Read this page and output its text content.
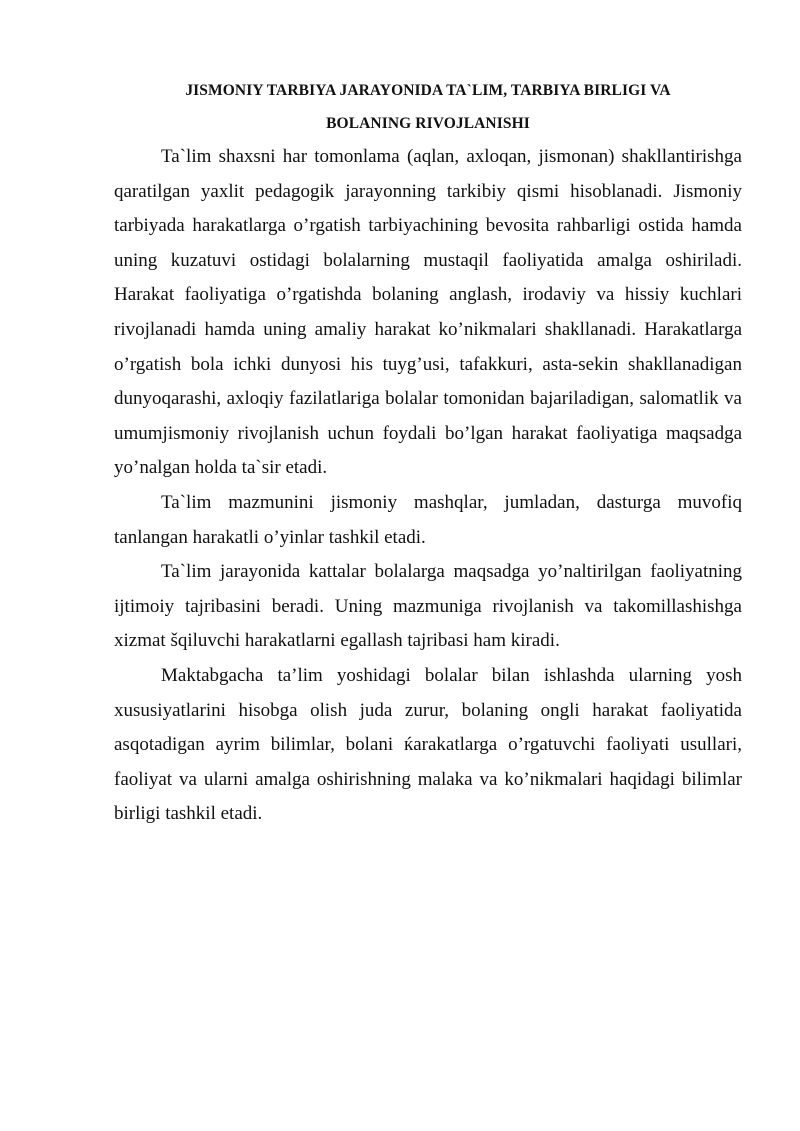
JISMONIY TARBIYA JARAYONIDA TA`LIM, TARBIYA BIRLIGI VA
BOLANING RIVOJLANISHI

Ta`lim shaxsni har tomonlama (aqlan, axloqan, jismonan) shakllantirishga qaratilgan yaxlit pedagogik jarayonning tarkibiy qismi hisoblanadi. Jismoniy tarbiyada harakatlarga o’rgatish tarbiyachining bevosita rahbarligi ostida hamda uning kuzatuvi ostidagi bolalarning mustaqil faoliyatida amalga oshiriladi. Harakat faoliyatiga o’rgatishda bolaning anglash, irodaviy va hissiy kuchlari rivojlanadi hamda uning amaliy harakat ko’nikmalari shakllanadi. Harakatlarga o’rgatish bola ichki dunyosi his tuyg’usi, tafakkuri, asta-sekin shakllanadigan dunyoqarashi, axloqiy fazilatlariga bolalar tomonidan bajariladigan, salomatlik va umumjismoniy rivojlanish uchun foydali bo’lgan harakat faoliyatiga maqsadga yo’nalgan holda ta`sir etadi.

Ta`lim mazmunini jismoniy mashqlar, jumladan, dasturga muvofiq tanlangan harakatli o’yinlar tashkil etadi.

Ta`lim jarayonida kattalar bolalarga maqsadga yo’naltirilgan faoliyatning ijtimoiy tajribasini beradi. Uning mazmuniga rivojlanish va takomillashishga xizmat šqiluvchi harakatlarni egallash tajribasi ham kiradi.

Maktabgacha ta’lim yoshidagi bolalar bilan ishlashda ularning yosh xususiyatlarini hisobga olish juda zurur, bolaning ongli harakat faoliyatida asqotadigan ayrim bilimlar, bolani ќarakatlarga o’rgatuvchi faoliyati usullari, faoliyat va ularni amalga oshirishning malaka va ko’nikmalari haqidagi bilimlar birligi tashkil etadi.
